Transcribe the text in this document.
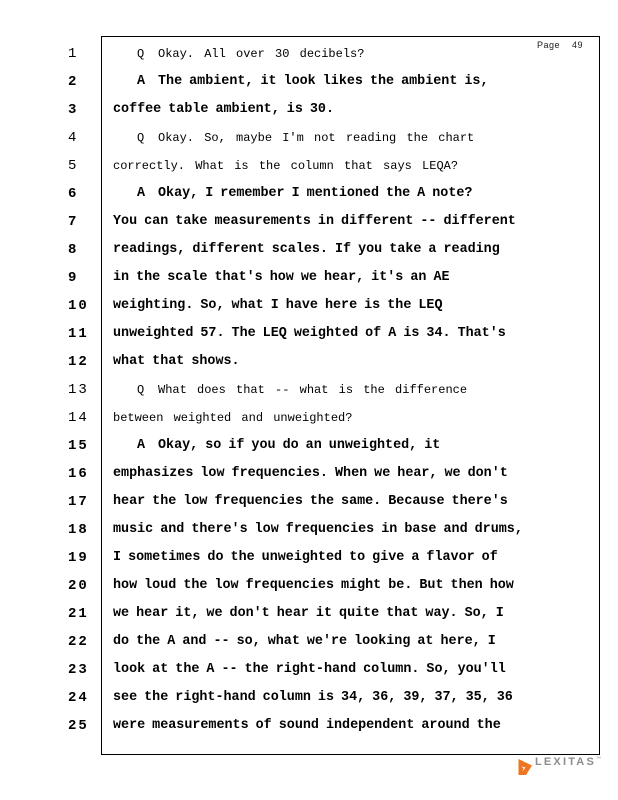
Page 49
1	Q Okay. All over 30 decibels?
2	A The ambient, it look likes the ambient is,
3	coffee table ambient, is 30.
4	Q Okay. So, maybe I'm not reading the chart
5	correctly. What is the column that says LEQA?
6	A Okay, I remember I mentioned the A note?
7	You can take measurements in different -- different
8	readings, different scales. If you take a reading
9	in the scale that's how we hear, it's an AE
10 weighting. So, what I have here is the LEQ
11 unweighted 57. The LEQ weighted of A is 34. That's
12 what that shows.
13	Q What does that -- what is the difference
14 between weighted and unweighted?
15	A Okay, so if you do an unweighted, it
16 emphasizes low frequencies. When we hear, we don't
17 hear the low frequencies the same. Because there's
18 music and there's low frequencies in base and drums,
19 I sometimes do the unweighted to give a flavor of
20 how loud the low frequencies might be. But then how
21 we hear it, we don't hear it quite that way. So, I
22 do the A and -- so, what we're looking at here, I
23 look at the A -- the right-hand column. So, you'll
24 see the right-hand column is 34, 36, 39, 37, 35, 36
25 were measurements of sound independent around the
LEXITAS ™
